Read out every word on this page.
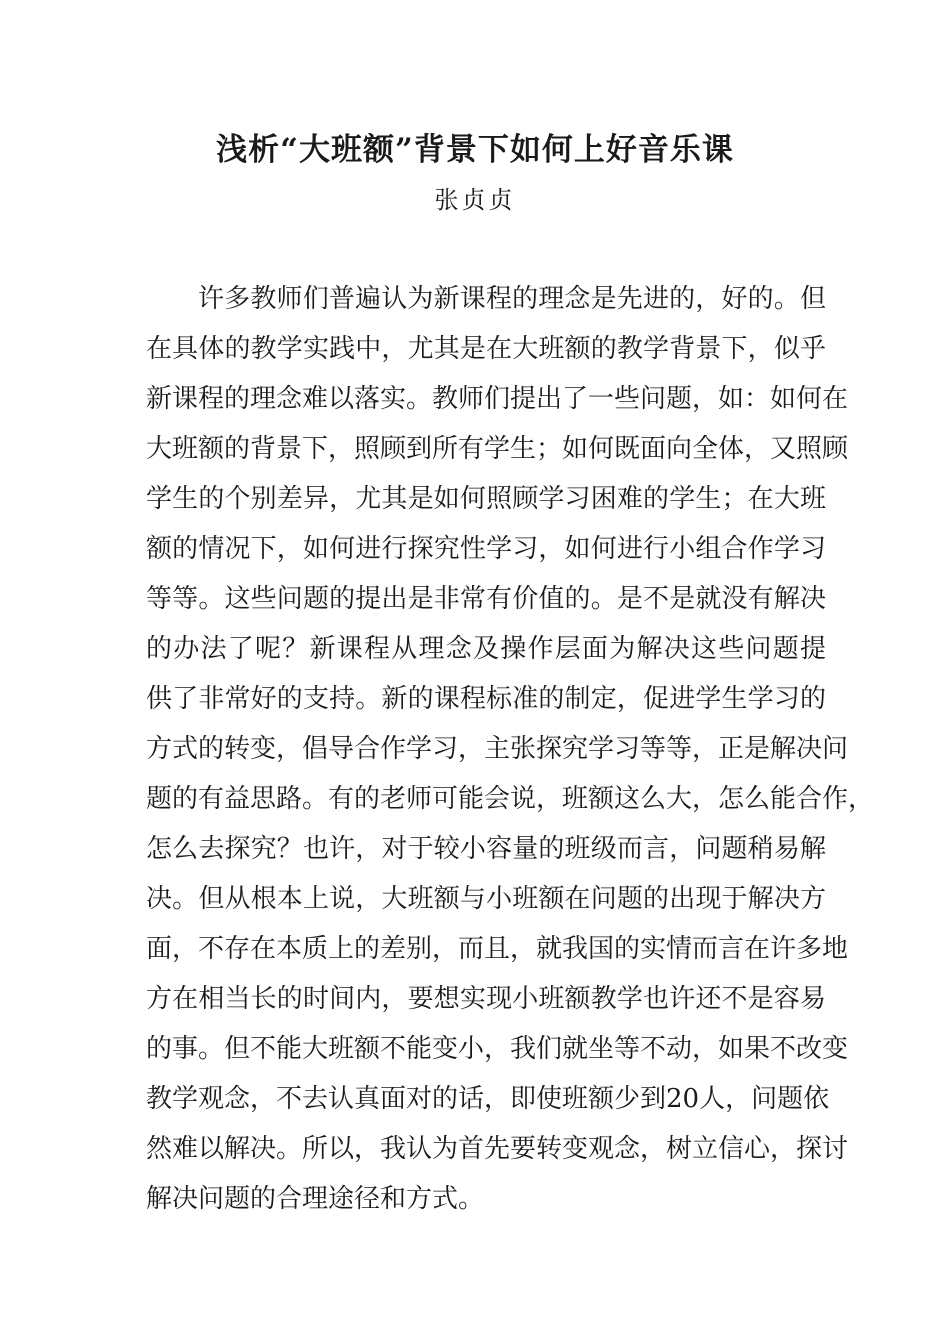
浅析“大班额”背景下如何上好音乐课
张贞贞
许多教师们普遍认为新课程的理念是先进的，好的。但
在具体的教学实践中，尤其是在大班额的教学背景下，似乎
新课程的理念难以落实。教师们提出了一些问题，如：如何在
大班额的背景下，照顾到所有学生；如何既面向全体，又照顾
学生的个别差异，尤其是如何照顾学习困难的学生；在大班
额的情况下，如何进行探究性学习，如何进行小组合作学习
等等。这些问题的提出是非常有价值的。是不是就没有解决
的办法了呢？新课程从理念及操作层面为解决这些问题提
供了非常好的支持。新的课程标准的制定，促进学生学习的
方式的转变，倡导合作学习，主张探究学习等等，正是解决问
题的有益思路。有的老师可能会说，班额这么大，怎么能合作，
怎么去探究？也许，对于较小容量的班级而言，问题稍易解
决。但从根本上说，大班额与小班额在问题的出现于解决方
面，不存在本质上的差别，而且，就我国的实情而言在许多地
方在相当长的时间内，要想实现小班额教学也许还不是容易
的事。但不能大班额不能变小，我们就坐等不动，如果不改变
教学观念，不去认真面对的话，即使班额少到20人，问题依
然难以解决。所以，我认为首先要转变观念，树立信心，探讨
解决问题的合理途径和方式。
